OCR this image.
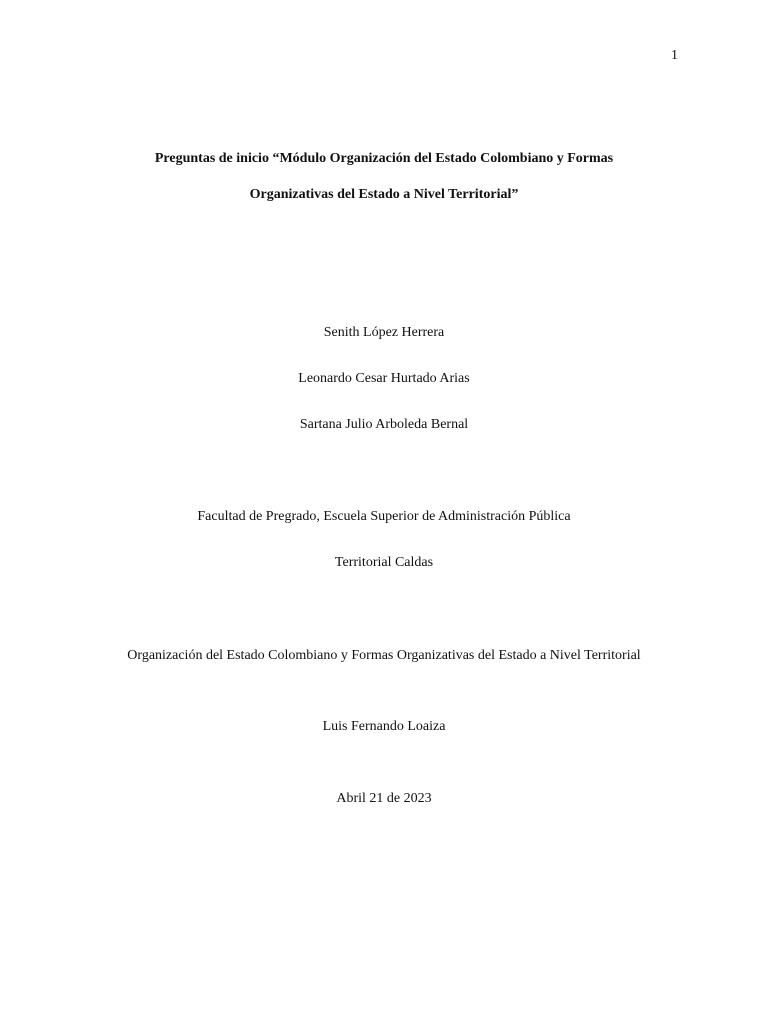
1
Preguntas de inicio “Módulo Organización del Estado Colombiano y Formas
Organizativas del Estado a Nivel Territorial”
Senith López Herrera
Leonardo Cesar Hurtado Arias
Sartana Julio Arboleda Bernal
Facultad de Pregrado, Escuela Superior de Administración Pública
Territorial Caldas
Organización del Estado Colombiano y Formas Organizativas del Estado a Nivel Territorial
Luis Fernando Loaiza
Abril 21 de 2023
